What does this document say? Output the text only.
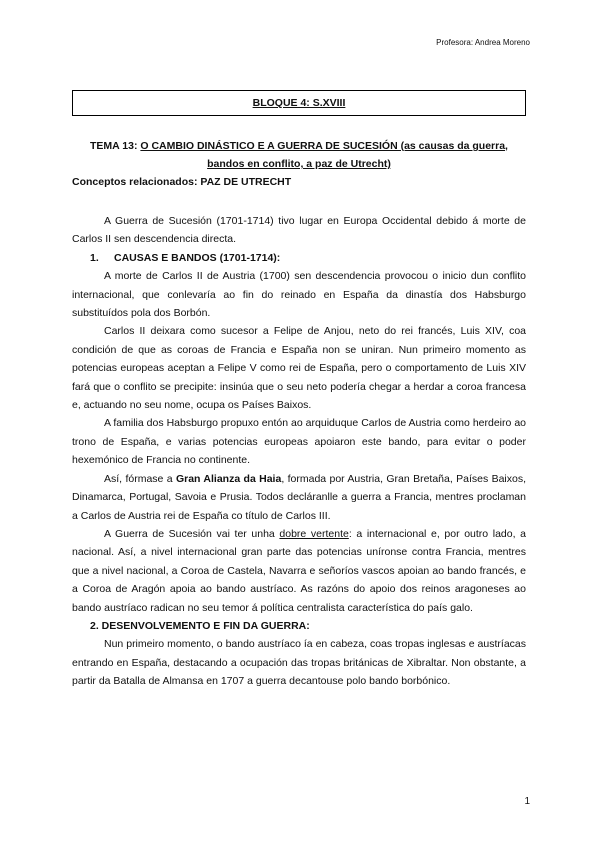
Profesora: Andrea Moreno
BLOQUE 4: S.XVIII
TEMA 13: O CAMBIO DINÁSTICO E A GUERRA DE SUCESIÓN (as causas da guerra,
bandos en conflito, a paz de Utrecht)
Conceptos relacionados: PAZ DE UTRECHT

A Guerra de Sucesión (1701-1714) tivo lugar en Europa Occidental debido á morte de Carlos II sen descendencia directa.

1. CAUSAS E BANDOS (1701-1714):

A morte de Carlos II de Austria (1700) sen descendencia provocou o inicio dun conflito internacional, que conlevaría ao fin do reinado en España da dinastía dos Habsburgo substituídos pola dos Borbón.

Carlos II deixara como sucesor a Felipe de Anjou, neto do rei francés, Luis XIV, coa condición de que as coroas de Francia e España non se uniran. Nun primeiro momento as potencias europeas aceptan a Felipe V como rei de España, pero o comportamento de Luis XIV fará que o conflito se precipite: insinúa que o seu neto podería chegar a herdar a coroa francesa e, actuando no seu nome, ocupa os Países Baixos.

A familia dos Habsburgo propuxo entón ao arquiduque Carlos de Austria como herdeiro ao trono de España, e varias potencias europeas apoiaron este bando, para evitar o poder hexemónico de Francia no continente.

Así, fórmase a Gran Alianza da Haia, formada por Austria, Gran Bretaña, Países Baixos, Dinamarca, Portugal, Savoia e Prusia. Todos decláranlle a guerra a Francia, mentres proclaman a Carlos de Austria rei de España co título de Carlos III.

A Guerra de Sucesión vai ter unha dobre vertente: a internacional e, por outro lado, a nacional. Así, a nivel internacional gran parte das potencias uníronse contra Francia, mentres que a nivel nacional, a Coroa de Castela, Navarra e señoríos vascos apoian ao bando francés, e a Coroa de Aragón apoia ao bando austríaco. As razóns do apoio dos reinos aragoneses ao bando austríaco radican no seu temor á política centralista característica do país galo.

2. DESENVOLVEMENTO E FIN DA GUERRA:

Nun primeiro momento, o bando austríaco ía en cabeza, coas tropas inglesas e austríacas entrando en España, destacando a ocupación das tropas británicas de Xibraltar. Non obstante, a partir da Batalla de Almansa en 1707 a guerra decantouse polo bando borbónico.

1
